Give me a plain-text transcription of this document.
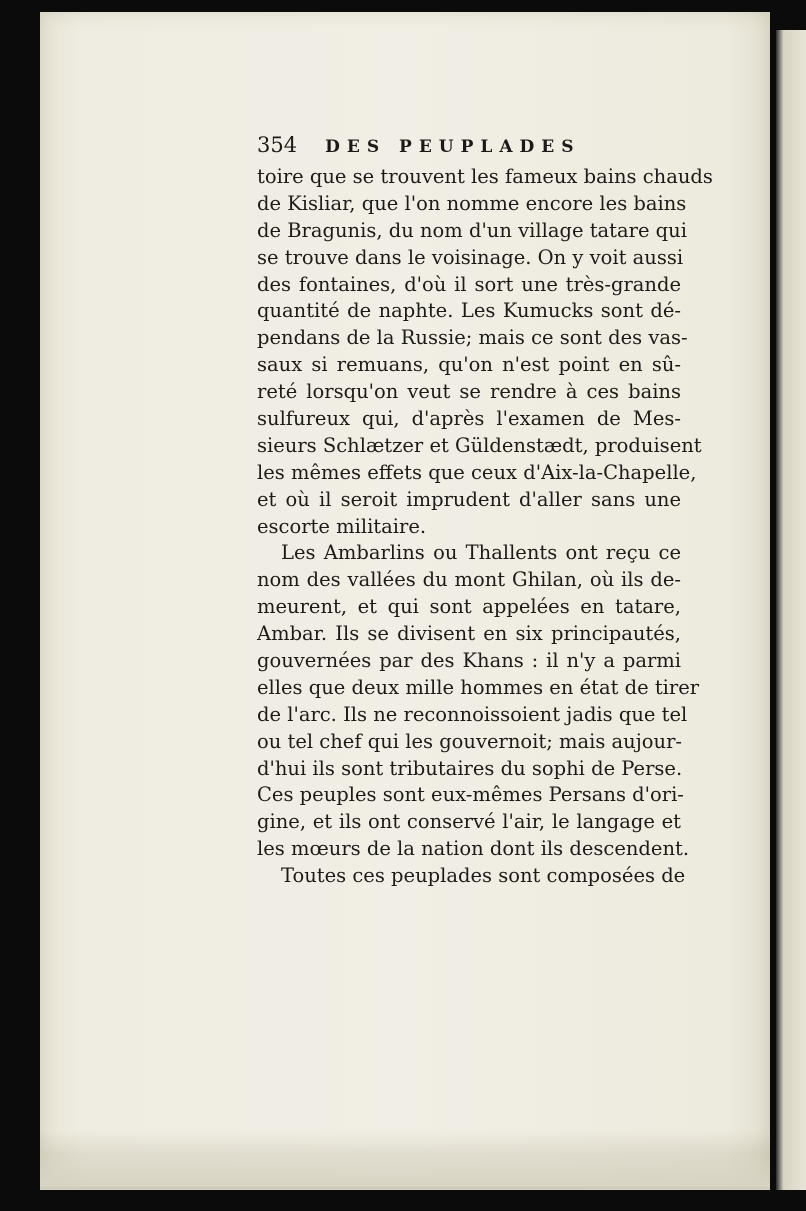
354 DES PEUPLADES
toire que se trouvent les fameux bains chauds
de Kisliar, que l'on nomme encore les bains
de Bragunis, du nom d'un village tatare qui
se trouve dans le voisinage. On y voit aussi
des fontaines, d'où il sort une très-grande
quantité de naphte. Les Kumucks sont dé-
pendans de la Russie; mais ce sont des vas-
saux si remuans, qu'on n'est point en sû-
reté lorsqu'on veut se rendre à ces bains
sulfureux qui, d'après l'examen de Mes-
sieurs Schlætzer et Güldenstædt, produisent
les mêmes effets que ceux d'Aix-la-Chapelle,
et où il seroit imprudent d'aller sans une
escorte militaire.
Les Ambarlins ou Thallents ont reçu ce
nom des vallées du mont Ghilan, où ils de-
meurent, et qui sont appelées en tatare,
Ambar. Ils se divisent en six principautés,
gouvernées par des Khans : il n'y a parmi
elles que deux mille hommes en état de tirer
de l'arc. Ils ne reconnoissoient jadis que tel
ou tel chef qui les gouvernoit; mais aujour-
d'hui ils sont tributaires du sophi de Perse.
Ces peuples sont eux-mêmes Persans d'ori-
gine, et ils ont conservé l'air, le langage et
les mœurs de la nation dont ils descendent.
Toutes ces peuplades sont composées de
